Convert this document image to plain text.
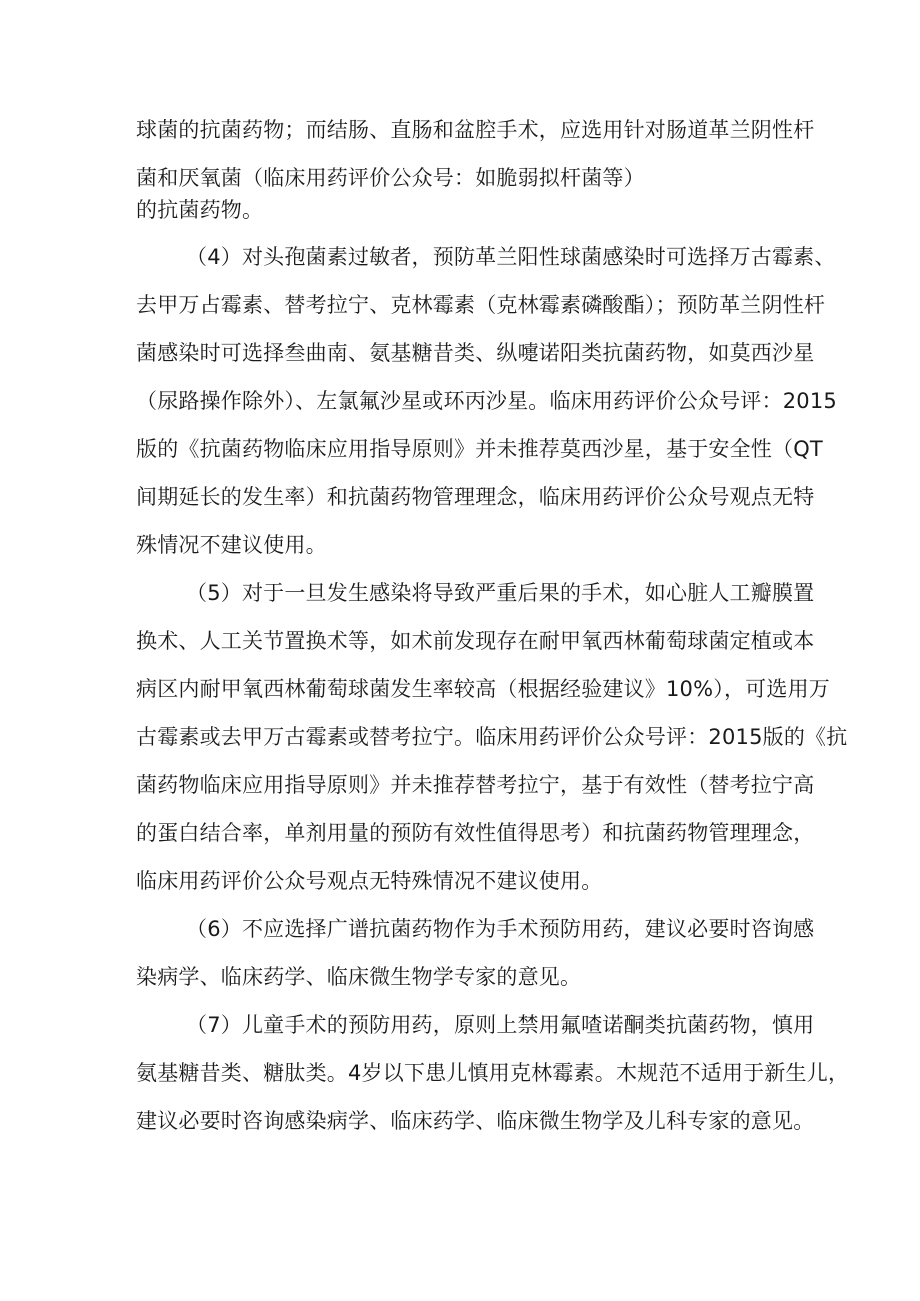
球菌的抗菌药物；而结肠、直肠和盆腔手术，应选用针对肠道革兰阴性杆
菌和厌氧菌（临床用药评价公众号：如脆弱拟杆菌等）
的抗菌药物。
（4）对头孢菌素过敏者，预防革兰阳性球菌感染时可选择万古霉素、
去甲万占霉素、替考拉宁、克林霉素（克林霉素磷酸酯）；预防革兰阴性杆
菌感染时可选择叁曲南、氨基糖昔类、纵嚏诺阳类抗菌药物，如莫西沙星
（尿路操作除外）、左氯氟沙星或环丙沙星。临床用药评价公众号评：2015
版的《抗菌药物临床应用指导原则》并未推荐莫西沙星，基于安全性（QT
间期延长的发生率）和抗菌药物管理理念，临床用药评价公众号观点无特
殊情况不建议使用。
（5）对于一旦发生感染将导致严重后果的手术，如心脏人工瓣膜置
换术、人工关节置换术等，如术前发现存在耐甲氧西林葡萄球菌定植或本
病区内耐甲氧西林葡萄球菌发生率较高（根据经验建议》10%），可选用万
古霉素或去甲万古霉素或替考拉宁。临床用药评价公众号评：2015版的《抗
菌药物临床应用指导原则》并未推荐替考拉宁，基于有效性（替考拉宁高
的蛋白结合率，单剂用量的预防有效性值得思考）和抗菌药物管理理念，
临床用药评价公众号观点无特殊情况不建议使用。
（6）不应选择广谱抗菌药物作为手术预防用药，建议必要时咨询感
染病学、临床药学、临床微生物学专家的意见。
（7）儿童手术的预防用药，原则上禁用氟喳诺酮类抗菌药物，慎用
氨基糖昔类、糖肽类。4岁以下患儿慎用克林霉素。木规范不适用于新生儿，
建议必要时咨询感染病学、临床药学、临床微生物学及儿科专家的意见。
